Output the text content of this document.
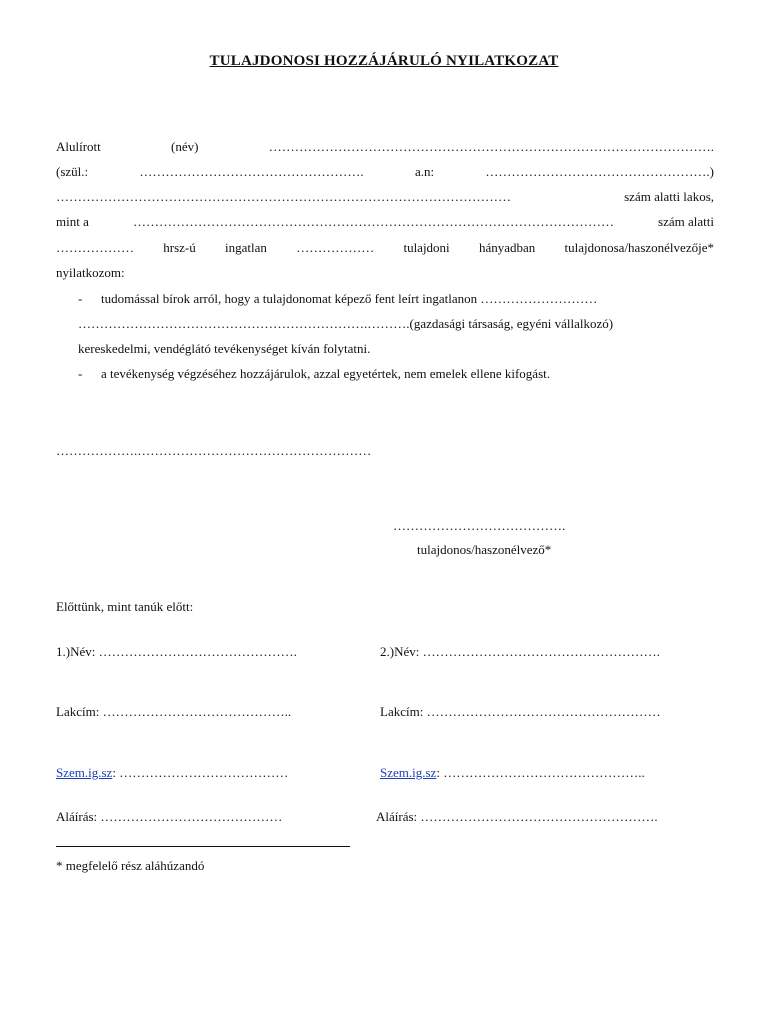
TULAJDONOSI HOZZÁJÁRULÓ NYILATKOZAT
Alulírott	(név)	………………………………………………………………………………………….
(szül.:	…………………………………………….	a.n:	…………………………………………….)
……………………………………………………………………………………………	szám alatti lakos,
mint a	…………………………………………………………………………………………………	szám alatti
……………… hrsz-ú ingatlan ……………… tulajdoni hányadban tulajdonosa/haszonélvezője*
nyilatkozom:
- tudomással bírok arról, hogy a tulajdonomat képező fent leírt ingatlanon ………………………
………………………………………………………….……….(gazdasági társaság, egyéni vállalkozó)
kereskedelmi, vendéglátó tevékenységet kíván folytatni.
- a tevékenység végzéséhez hozzájárulok, azzal egyetértek, nem emelek ellene kifogást.
……………….………………………………………………
………………………………….
tulajdonos/haszonélvező*
Előttünk, mint tanúk előtt:
1.)Név: ……………………………………….
Lakcím: ……………………………………..
Szem.ig.sz: …………………………………
Aláírás: ……………………………………
2.)Név: ……………………………………………….
Lakcím: ………………………………………………
Szem.ig.sz: ………………………………………..
Aláírás: ……………………………………………….
* megfelelő rész aláhúzandó
